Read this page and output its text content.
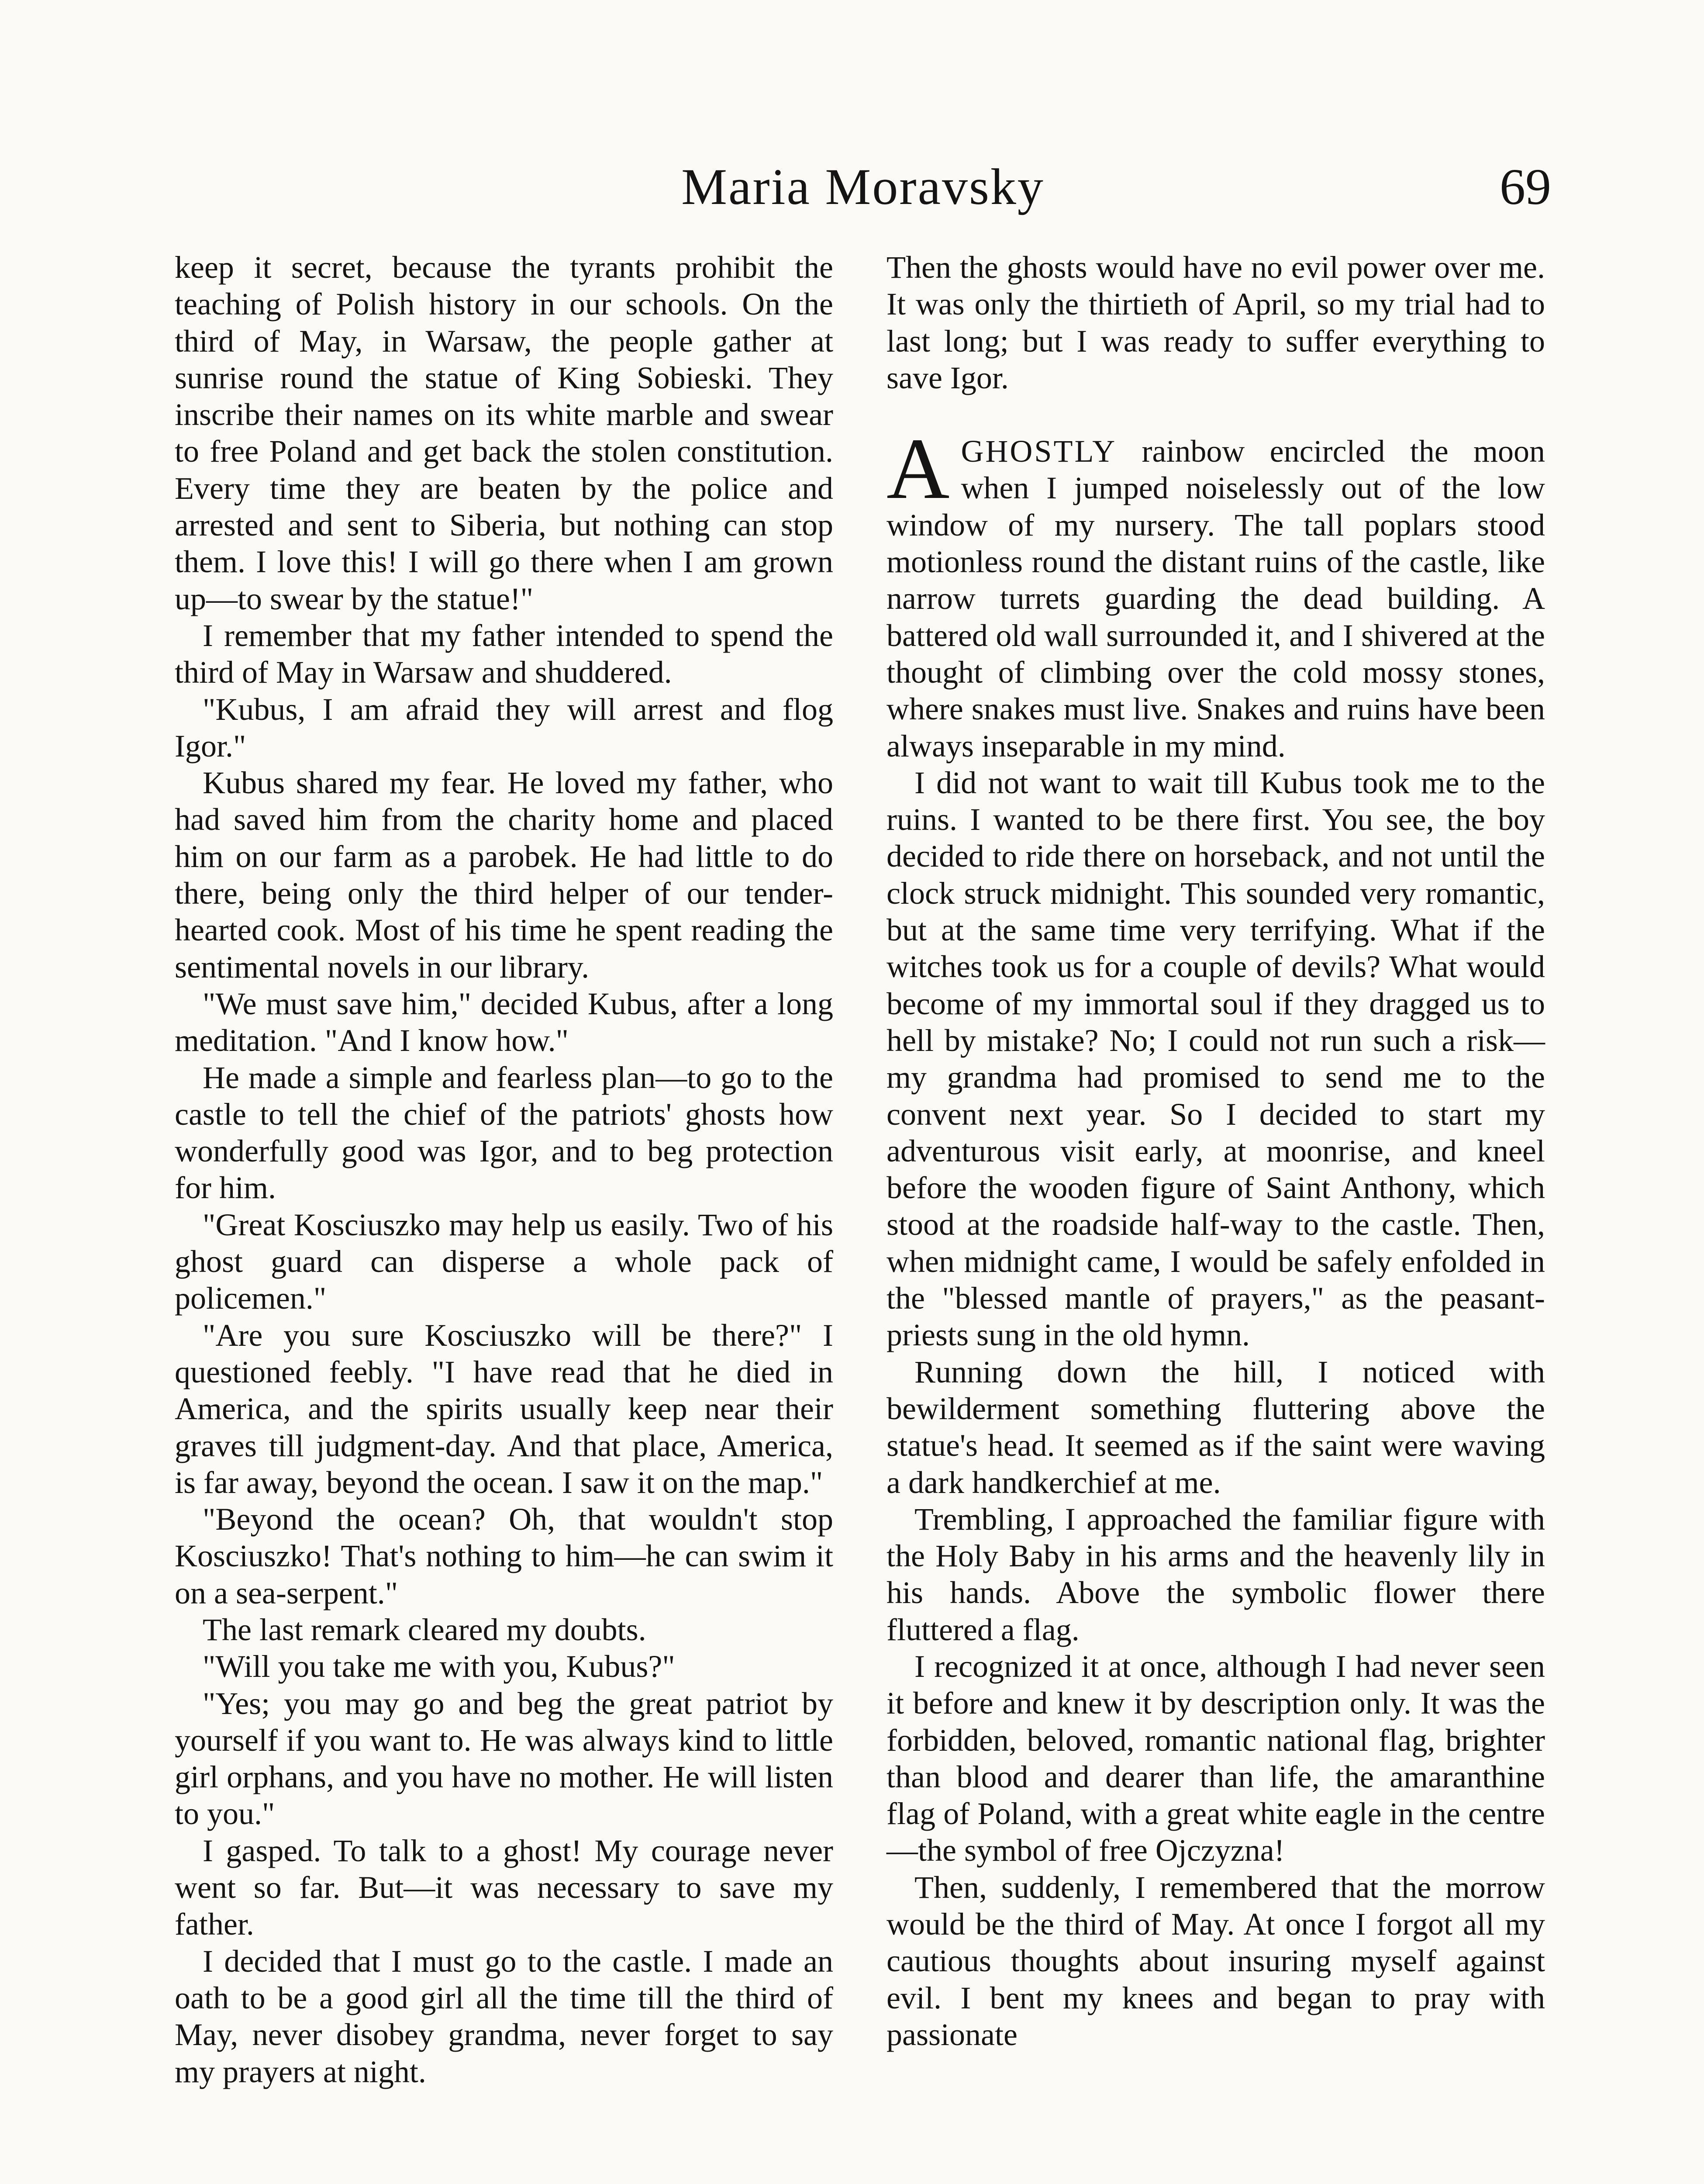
Maria Moravsky	69

keep it secret, because the tyrants prohibit the teaching of Polish history in our schools. On the third of May, in Warsaw, the people gather at sunrise round the statue of King Sobieski. They inscribe their names on its white marble and swear to free Poland and get back the stolen constitution. Every time they are beaten by the police and arrested and sent to Siberia, but nothing can stop them. I love this! I will go there when I am grown up—to swear by the statue!"

I remember that my father intended to spend the third of May in Warsaw and shuddered.

"Kubus, I am afraid they will arrest and flog Igor."

Kubus shared my fear. He loved my father, who had saved him from the charity home and placed him on our farm as a parobek. He had little to do there, being only the third helper of our tender-hearted cook. Most of his time he spent reading the sentimental novels in our library.

"We must save him," decided Kubus, after a long meditation. "And I know how."

He made a simple and fearless plan—to go to the castle to tell the chief of the patriots' ghosts how wonderfully good was Igor, and to beg protection for him.

"Great Kosciuszko may help us easily. Two of his ghost guard can disperse a whole pack of policemen."

"Are you sure Kosciuszko will be there?" I questioned feebly. "I have read that he died in America, and the spirits usually keep near their graves till judgment-day. And that place, America, is far away, beyond the ocean. I saw it on the map."

"Beyond the ocean? Oh, that wouldn't stop Kosciuszko! That's nothing to him—he can swim it on a sea-serpent."

The last remark cleared my doubts.

"Will you take me with you, Kubus?"

"Yes; you may go and beg the great patriot by yourself if you want to. He was always kind to little girl orphans, and you have no mother. He will listen to you."

I gasped. To talk to a ghost! My courage never went so far. But—it was necessary to save my father.

I decided that I must go to the castle. I made an oath to be a good girl all the time till the third of May, never disobey grandma, never forget to say my prayers at night.

Then the ghosts would have no evil power over me. It was only the thirtieth of April, so my trial had to last long; but I was ready to suffer everything to save Igor.

AGHOSTLY rainbow encircled the moon when I jumped noiselessly out of the low window of my nursery. The tall poplars stood motionless round the distant ruins of the castle, like narrow turrets guarding the dead building. A battered old wall surrounded it, and I shivered at the thought of climbing over the cold mossy stones, where snakes must live. Snakes and ruins have been always inseparable in my mind.

I did not want to wait till Kubus took me to the ruins. I wanted to be there first. You see, the boy decided to ride there on horseback, and not until the clock struck midnight. This sounded very romantic, but at the same time very terrifying. What if the witches took us for a couple of devils? What would become of my immortal soul if they dragged us to hell by mistake? No; I could not run such a risk—my grandma had promised to send me to the convent next year. So I decided to start my adventurous visit early, at moonrise, and kneel before the wooden figure of Saint Anthony, which stood at the roadside half-way to the castle. Then, when midnight came, I would be safely enfolded in the "blessed mantle of prayers," as the peasant-priests sung in the old hymn.

Running down the hill, I noticed with bewilderment something fluttering above the statue's head. It seemed as if the saint were waving a dark handkerchief at me.

Trembling, I approached the familiar figure with the Holy Baby in his arms and the heavenly lily in his hands. Above the symbolic flower there fluttered a flag.

I recognized it at once, although I had never seen it before and knew it by description only. It was the forbidden, beloved, romantic national flag, brighter than blood and dearer than life, the amaranthine flag of Poland, with a great white eagle in the centre—the symbol of free Ojczyzna!

Then, suddenly, I remembered that the morrow would be the third of May. At once I forgot all my cautious thoughts about insuring myself against evil. I bent my knees and began to pray with passionate
